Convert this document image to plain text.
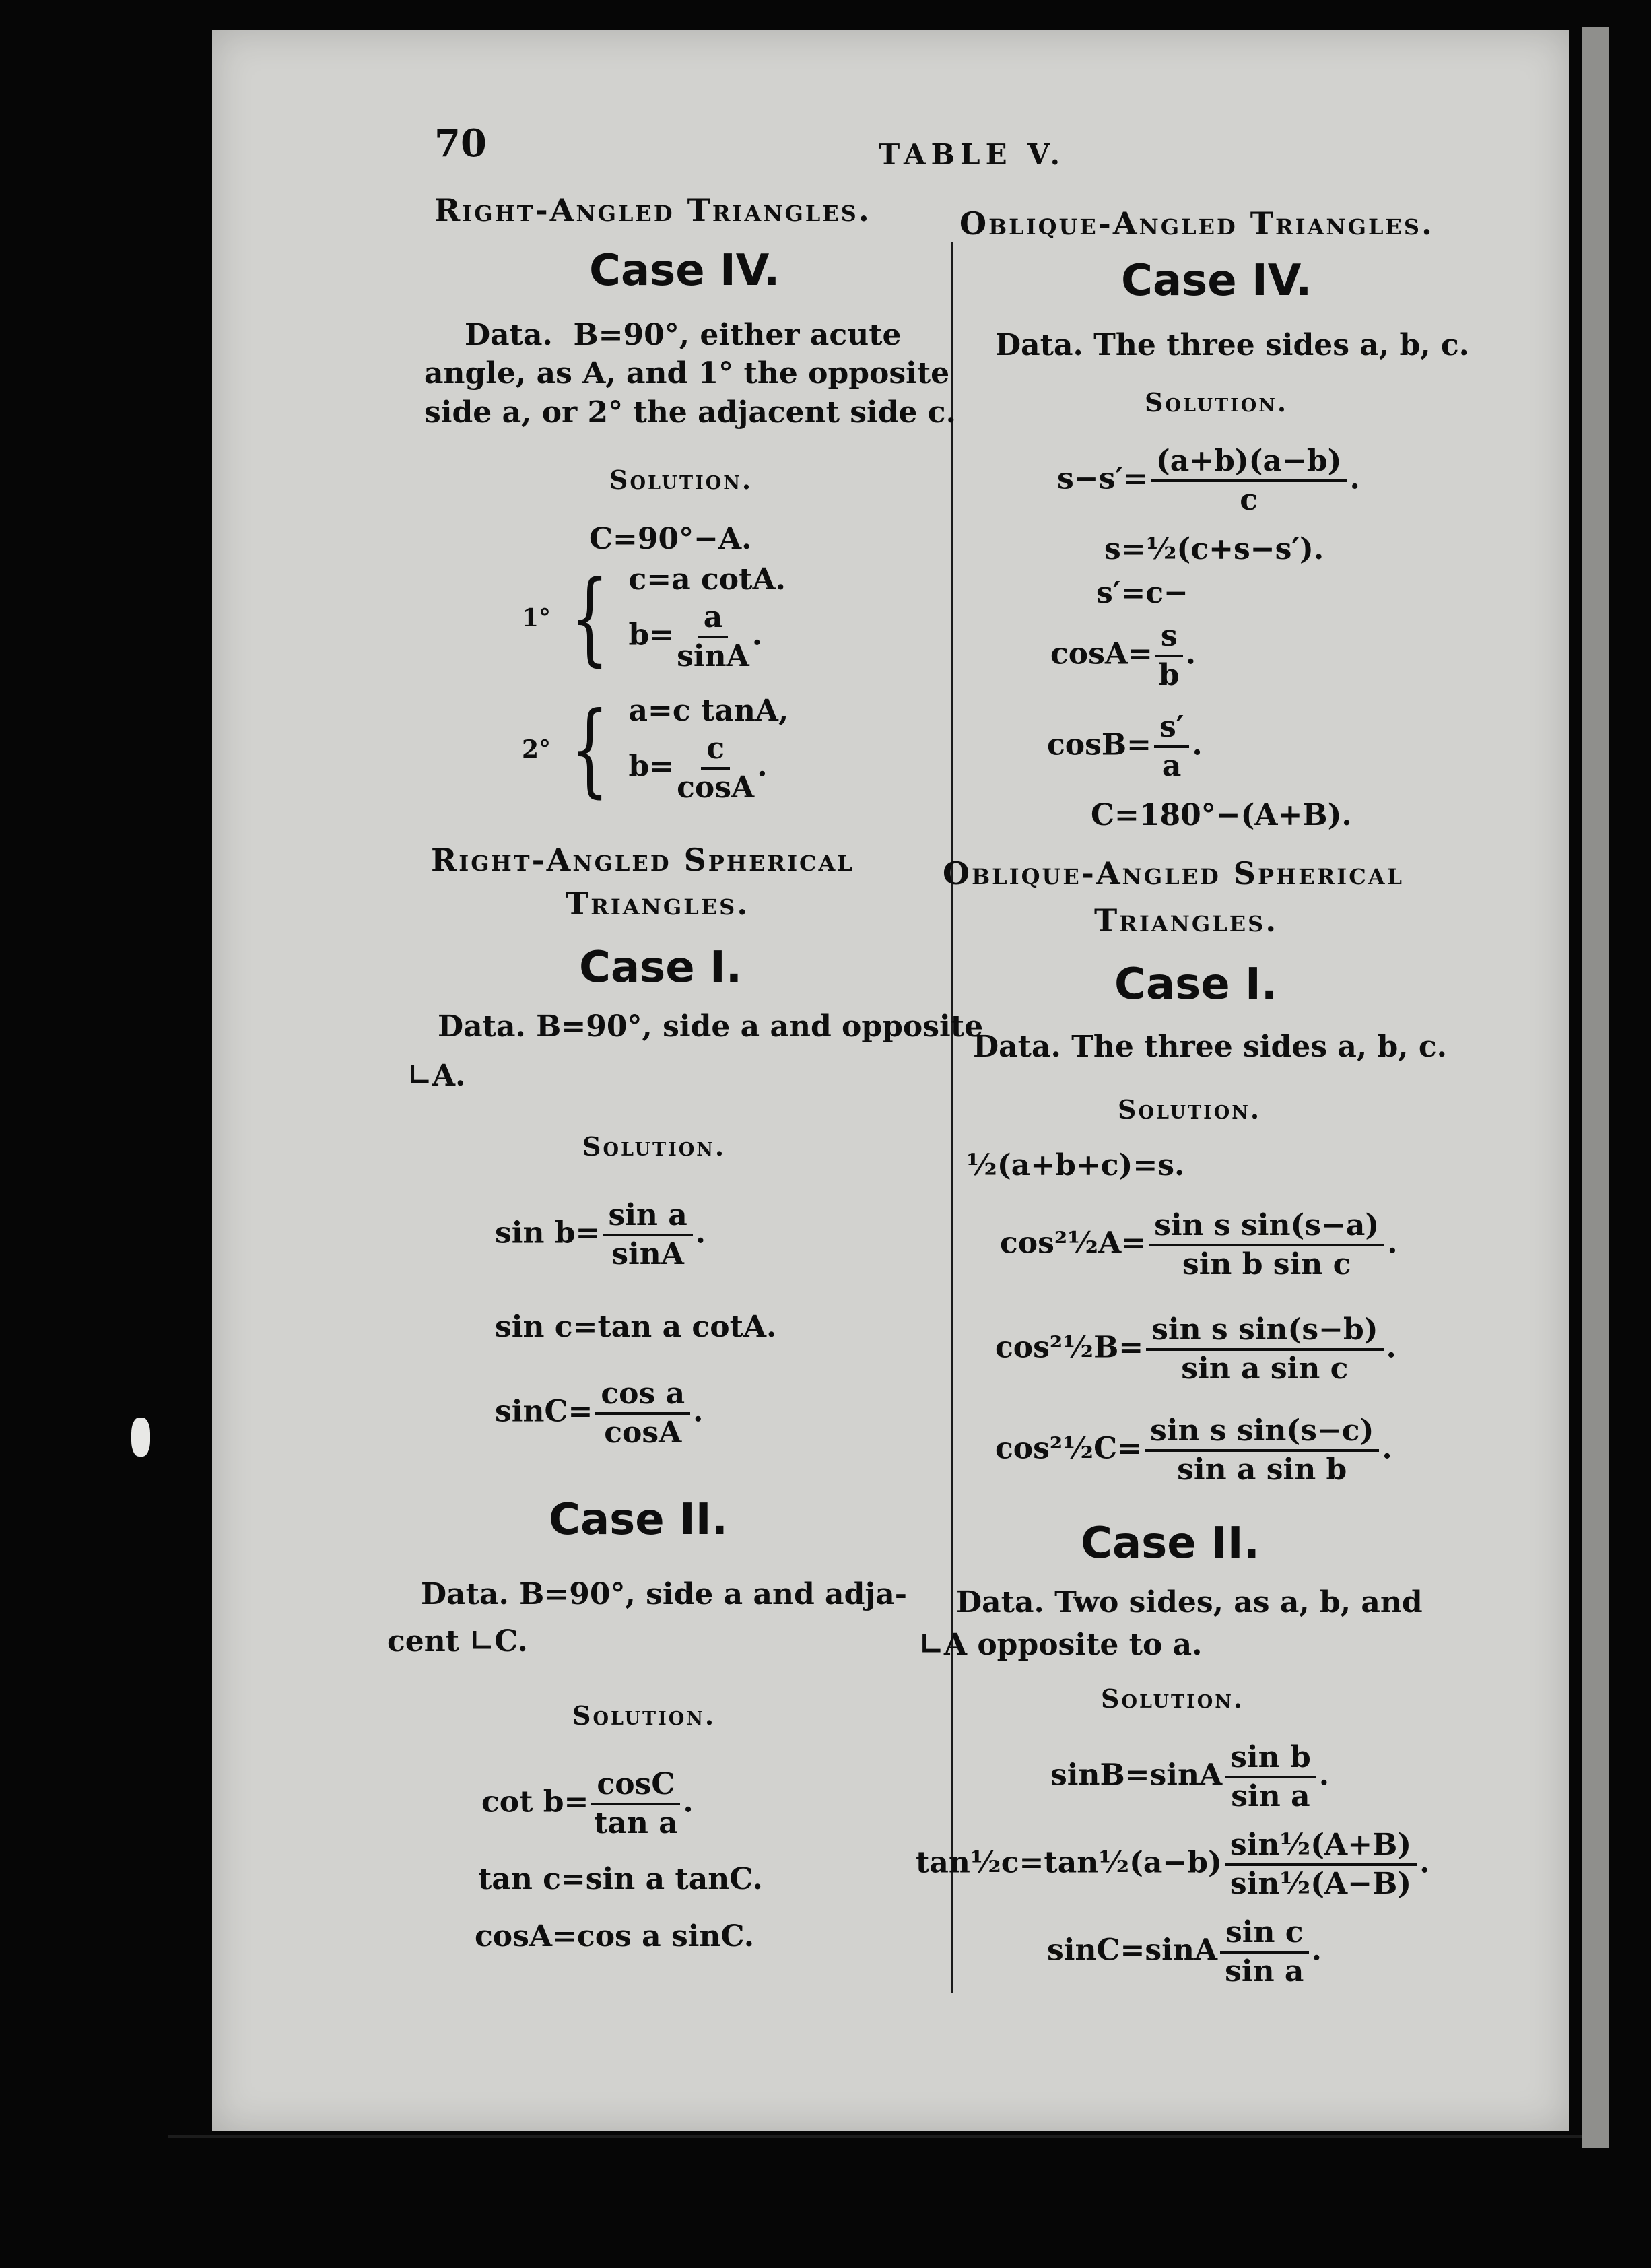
70	TABLE V.
Right-Angled Triangles.
Case IV.
Data. B=90°, either acute
angle, as A, and 1° the opposite
side a, or 2° the adjacent side c.
Solution.
C=90°−A.
1° { c=a cotA.
$b= \frac{a}{\sin A}$ .
2° { a=c tanA,
$b= \frac{c}{\cos A}$ .
Right-Angled Spherical
Triangles.
Case I.
Data. B=90°, side a and opposite
∟A.
Solution.
$\sin b= \frac{\text{sin a}}{\sin A}$ .
sin c=tan a cotA.
$\sin C= \frac{\text{cos a}}{\cos A}$ .
Case II.
Data. B=90°, side a and adja-
cent ∟C.
Solution.
$\cot b= \frac{\cos C}{\text{tan a}}$ .
tan c=sin a tanC.
cosA=cos a sinC.
Oblique-Angled Triangles.
Case IV.
Data. The three sides a, b, c.
Solution.
$s-s'= \frac{(a+b)(a-b)}{c}$ .
s=½(c+s−s′).
s′=c−
$\cos A= \frac{s}{b}$ .
$\cos B= \frac{s'}{a}$ .
C=180°−(A+B).
Oblique-Angled Spherical
Triangles.
Case I.
Data. The three sides a, b, c.
Solution.
½(a+b+c)=s.
cos²½A= $\frac{\text{sin s sin(s−a)}}{\text{sin b sin c}}$ .
cos²½B= $\frac{\text{sin s sin(s−b)}}{\text{sin a sin c}}$ .
cos²½C= $\frac{\text{sin s sin(s−c)}}{\text{sin a sin b}}$ .
Case II.
Data. Two sides, as a, b, and
∟A opposite to a.
Solution.
$\sin B=\sin A \frac{\text{sin b}}{\text{sin a}}$ .
tan½c=tan½(a−b) $\frac{\text{sin½(A+B)}}{\text{sin½(A−B)}}$ .
$\sin C=\sin A \frac{\text{sin c}}{\text{sin a}}$ .
